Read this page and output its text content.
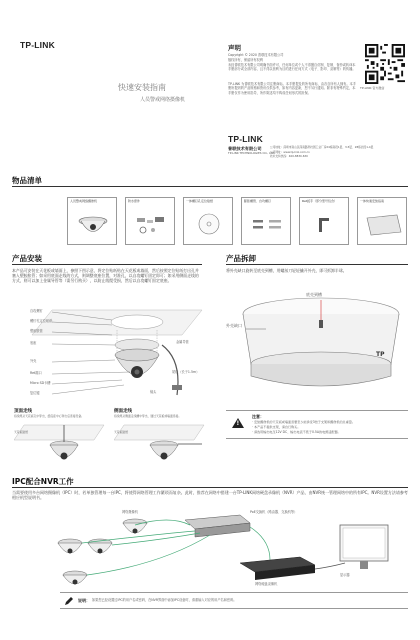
TP-LINK
快速安装指南
人员警戒网络摄像机
声明
Copyright © 2020 普联技术有限公司
版权所有，保留所有权利
未经普联技术有限公司明确书面许可，任何单位或个人不得擅自仿制、复制、誊抄或转译本手册部分或全部内容，且不得以营利为目的进行任何方式（电子、影印、录制等）的传播。
TP-LINK 为普联技术有限公司注册商标。本手册提及的所有商标，由各自所有人拥有。本手册所提到的产品规格和资讯仅供参考，如有内容更新，恕不另行通知。除非有特殊约定，本手册仅作为使用指导，所作陈述均不构成任何形式的担保。
TP-LINK 官方微信
TP-LINK
普联技术有限公司
TP-LINK TECHNOLOGIES CO., LTD.
公司地址：深圳市南山区深南路科技园工业厂房24栋南段1层、3-5层、28栋北段1-4层
公司网址：www.tp-link.com.cn
技术支持热线：400-8830-630
物品清单
人员警戒网络摄像机	防水套件	一体螺钉孔定位贴纸	膨胀螺管、自攻螺钉	Ret扳手（部分型号包含）	一体快速安装指南
产品安装
本产品可安装在天花板或墙面上，参照下图示意，将定位贴纸贴在天花板或墙面，然后按照定位贴纸打出孔并塞入塑胶胀管；如采用底面走线的方式，则调整底座位置，对准孔，以自攻螺钉固定即可；如采用侧面走线的方式，则可以加上金属导管等（需另行购买），以防止线缆受损，然后以自攻螺钉固定底座。
自攻螺钉
螺钉孔定位贴纸
塑胶胀管
底座
外壳
Ret端口
Micro SD卡槽
复位键	镜头
尾线（长于1.5m）
金属导管
顶面走线
将线缆从天花板孔中穿出，经底座中心穿出后连接设备。
天花板贴纸
侧面走线
将线缆从侧面走线槽中穿出，通过天花板或墙面连接。
天花板贴纸
产品拆卸
将外壳缺口旋转至底壳到槽，用螺丝刀轻轻撬开外壳，即可拆卸半球。
TP
底壳到槽
外壳缺口
!
注意：
· 安装摄像机的天花板或墙面需要至少能承受3倍于支架和摄像机的总重量。
· 本产品不提供支架，请自行购买。
· 请选用输出电压12V DC、输出电流不低于0.5A的电源适配器。
IPC配合NVR工作
当需要使用多台网络摄像机（IPC）时，若单独管理每一台IPC，将使得网络管理工作繁琐而复杂。此时，推荐在网络中搭建一台TP-LINK网络硬盘录像机（NVR）产品，由NVR统一管理网络中的所有IPC。NVR设置方法请参考相应机型说明书。
网络摄像机	PoE交换机（路由器、交换机等）
网络硬盘录像机
显示器
说明： 如果您已经设置过IPC的用户名或密码，在NVR界面中添加IPC设备时，请重输入对应的用户名和密码。
